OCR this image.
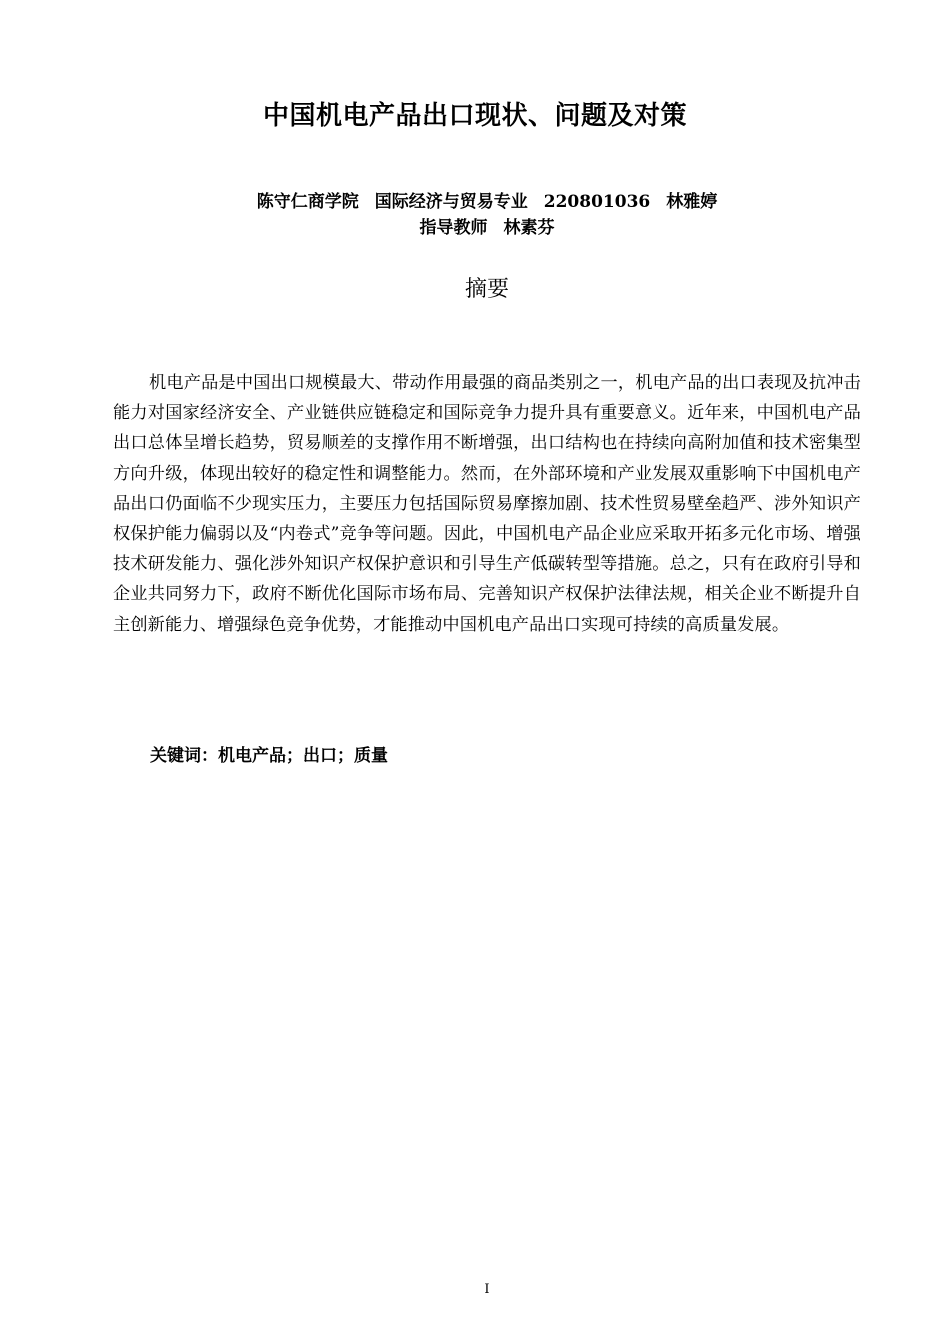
中国机电产品出口现状、问题及对策
陈守仁商学院 国际经济与贸易专业 220801036 林雅婷
指导教师 林素芬
摘要

机电产品是中国出口规模最大、带动作用最强的商品类别之一，机电产品的出口表现及抗冲击能力对国家经济安全、产业链供应链稳定和国际竞争力提升具有重要意义。近年来，中国机电产品出口总体呈增长趋势，贸易顺差的支撑作用不断增强，出口结构也在持续向高附加值和技术密集型方向升级，体现出较好的稳定性和调整能力。然而，在外部环境和产业发展双重影响下中国机电产品出口仍面临不少现实压力，主要压力包括国际贸易摩擦加剧、技术性贸易壁垒趋严、涉外知识产权保护能力偏弱以及“内卷式”竞争等问题。因此，中国机电产品企业应采取开拓多元化市场、增强技术研发能力、强化涉外知识产权保护意识和引导生产低碳转型等措施。总之，只有在政府引导和企业共同努力下，政府不断优化国际市场布局、完善知识产权保护法律法规，相关企业不断提升自主创新能力、增强绿色竞争优势，才能推动中国机电产品出口实现可持续的高质量发展。

关键词：机电产品；出口；质量
I
